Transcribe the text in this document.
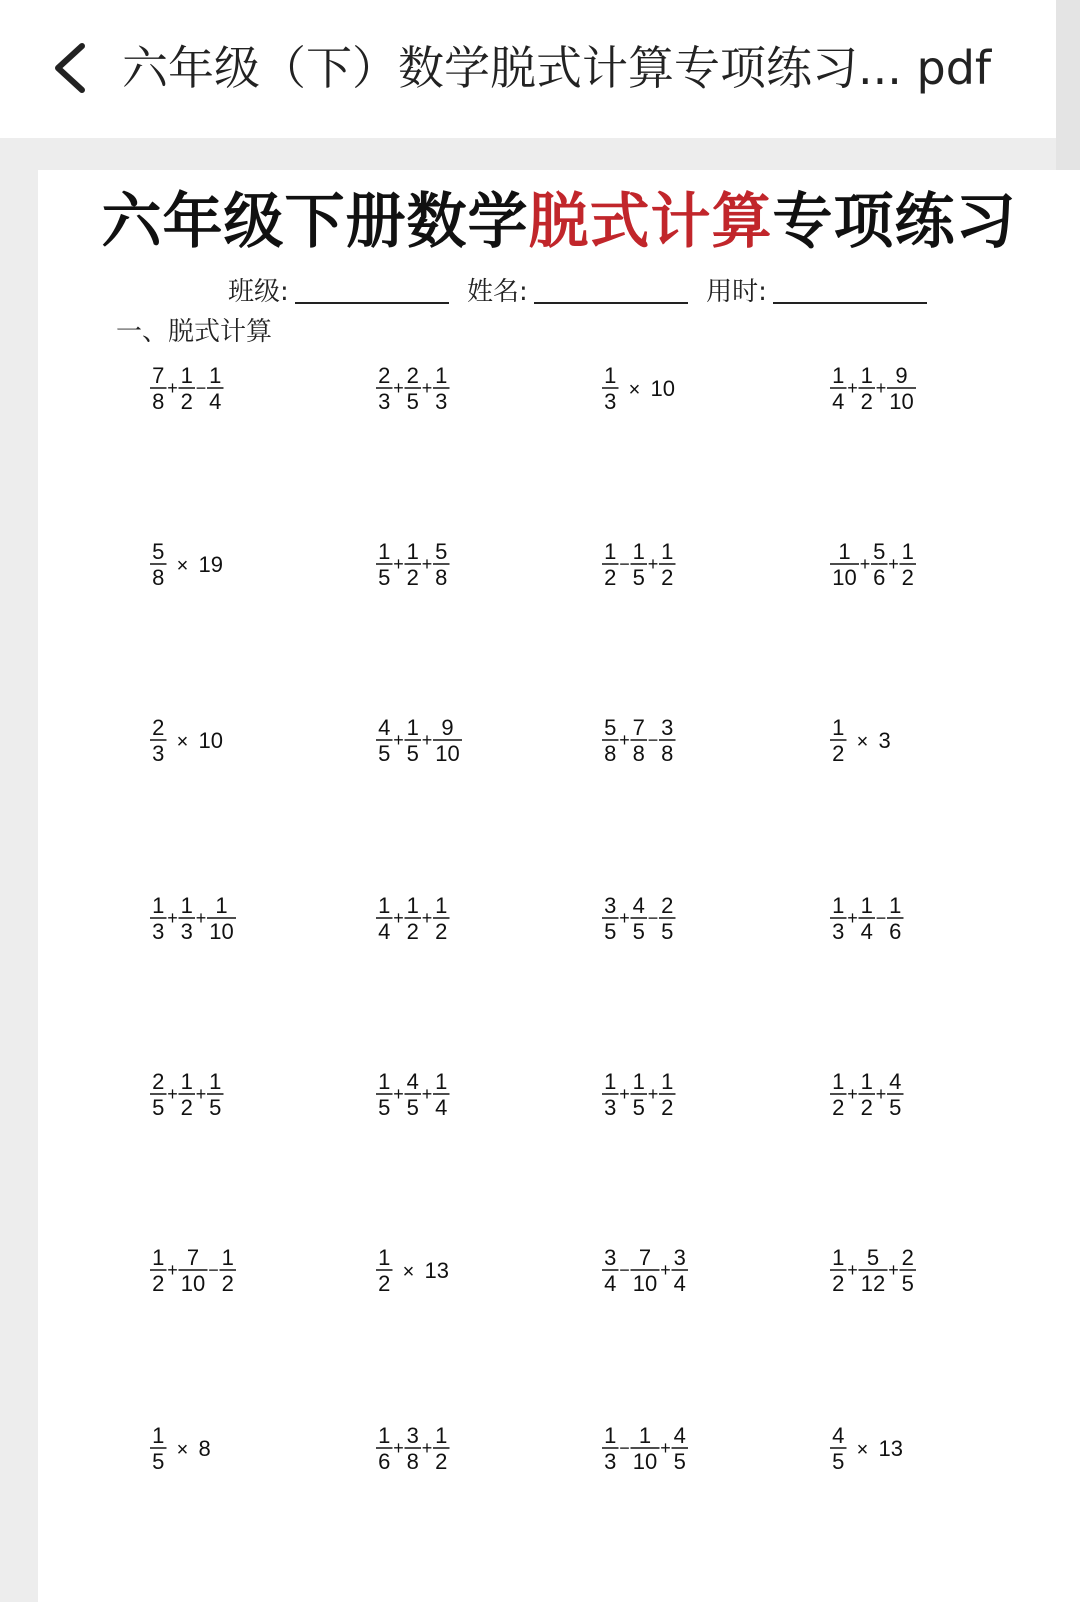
六年级（下）数学脱式计算专项练习... pdf
六年级下册数学脱式计算专项练习
班级:	姓名:	用时:
一、脱式计算
7
8
+ 1
2
− 1
4
2
3
+ 2
5
+ 1
3
1
3 × 10
1
4
+ 1
2
+ 9
10
5
8 × 19
1
5
+ 1
2
+ 5
8
1
2
− 1
5
+ 1
2
1
10
+ 5
6
+ 1
2
2
3 × 10
4
5
+ 1
5
+ 9
10
5
8
+ 7
8
− 3
8
1
2 × 3
1
3
+ 1
3
+ 1
10
1
4
+ 1
2
+ 1
2
3
5
+ 4
5
− 2
5
1
3
+ 1
4
− 1
6
2
5
+ 1
2
+ 1
5
1
5
+ 4
5
+ 1
4
1
3
+ 1
5
+ 1
2
1
2
+ 1
2
+ 4
5
1
2
+ 7
10
− 1
2
1
2 × 13
3
4
− 7
10
+ 3
4
1
2
+ 5
12
+ 2
5
1
5 × 8
1
6
+ 3
8
+ 1
2
1
3
− 1
10
+ 4
5
4
5 × 13
